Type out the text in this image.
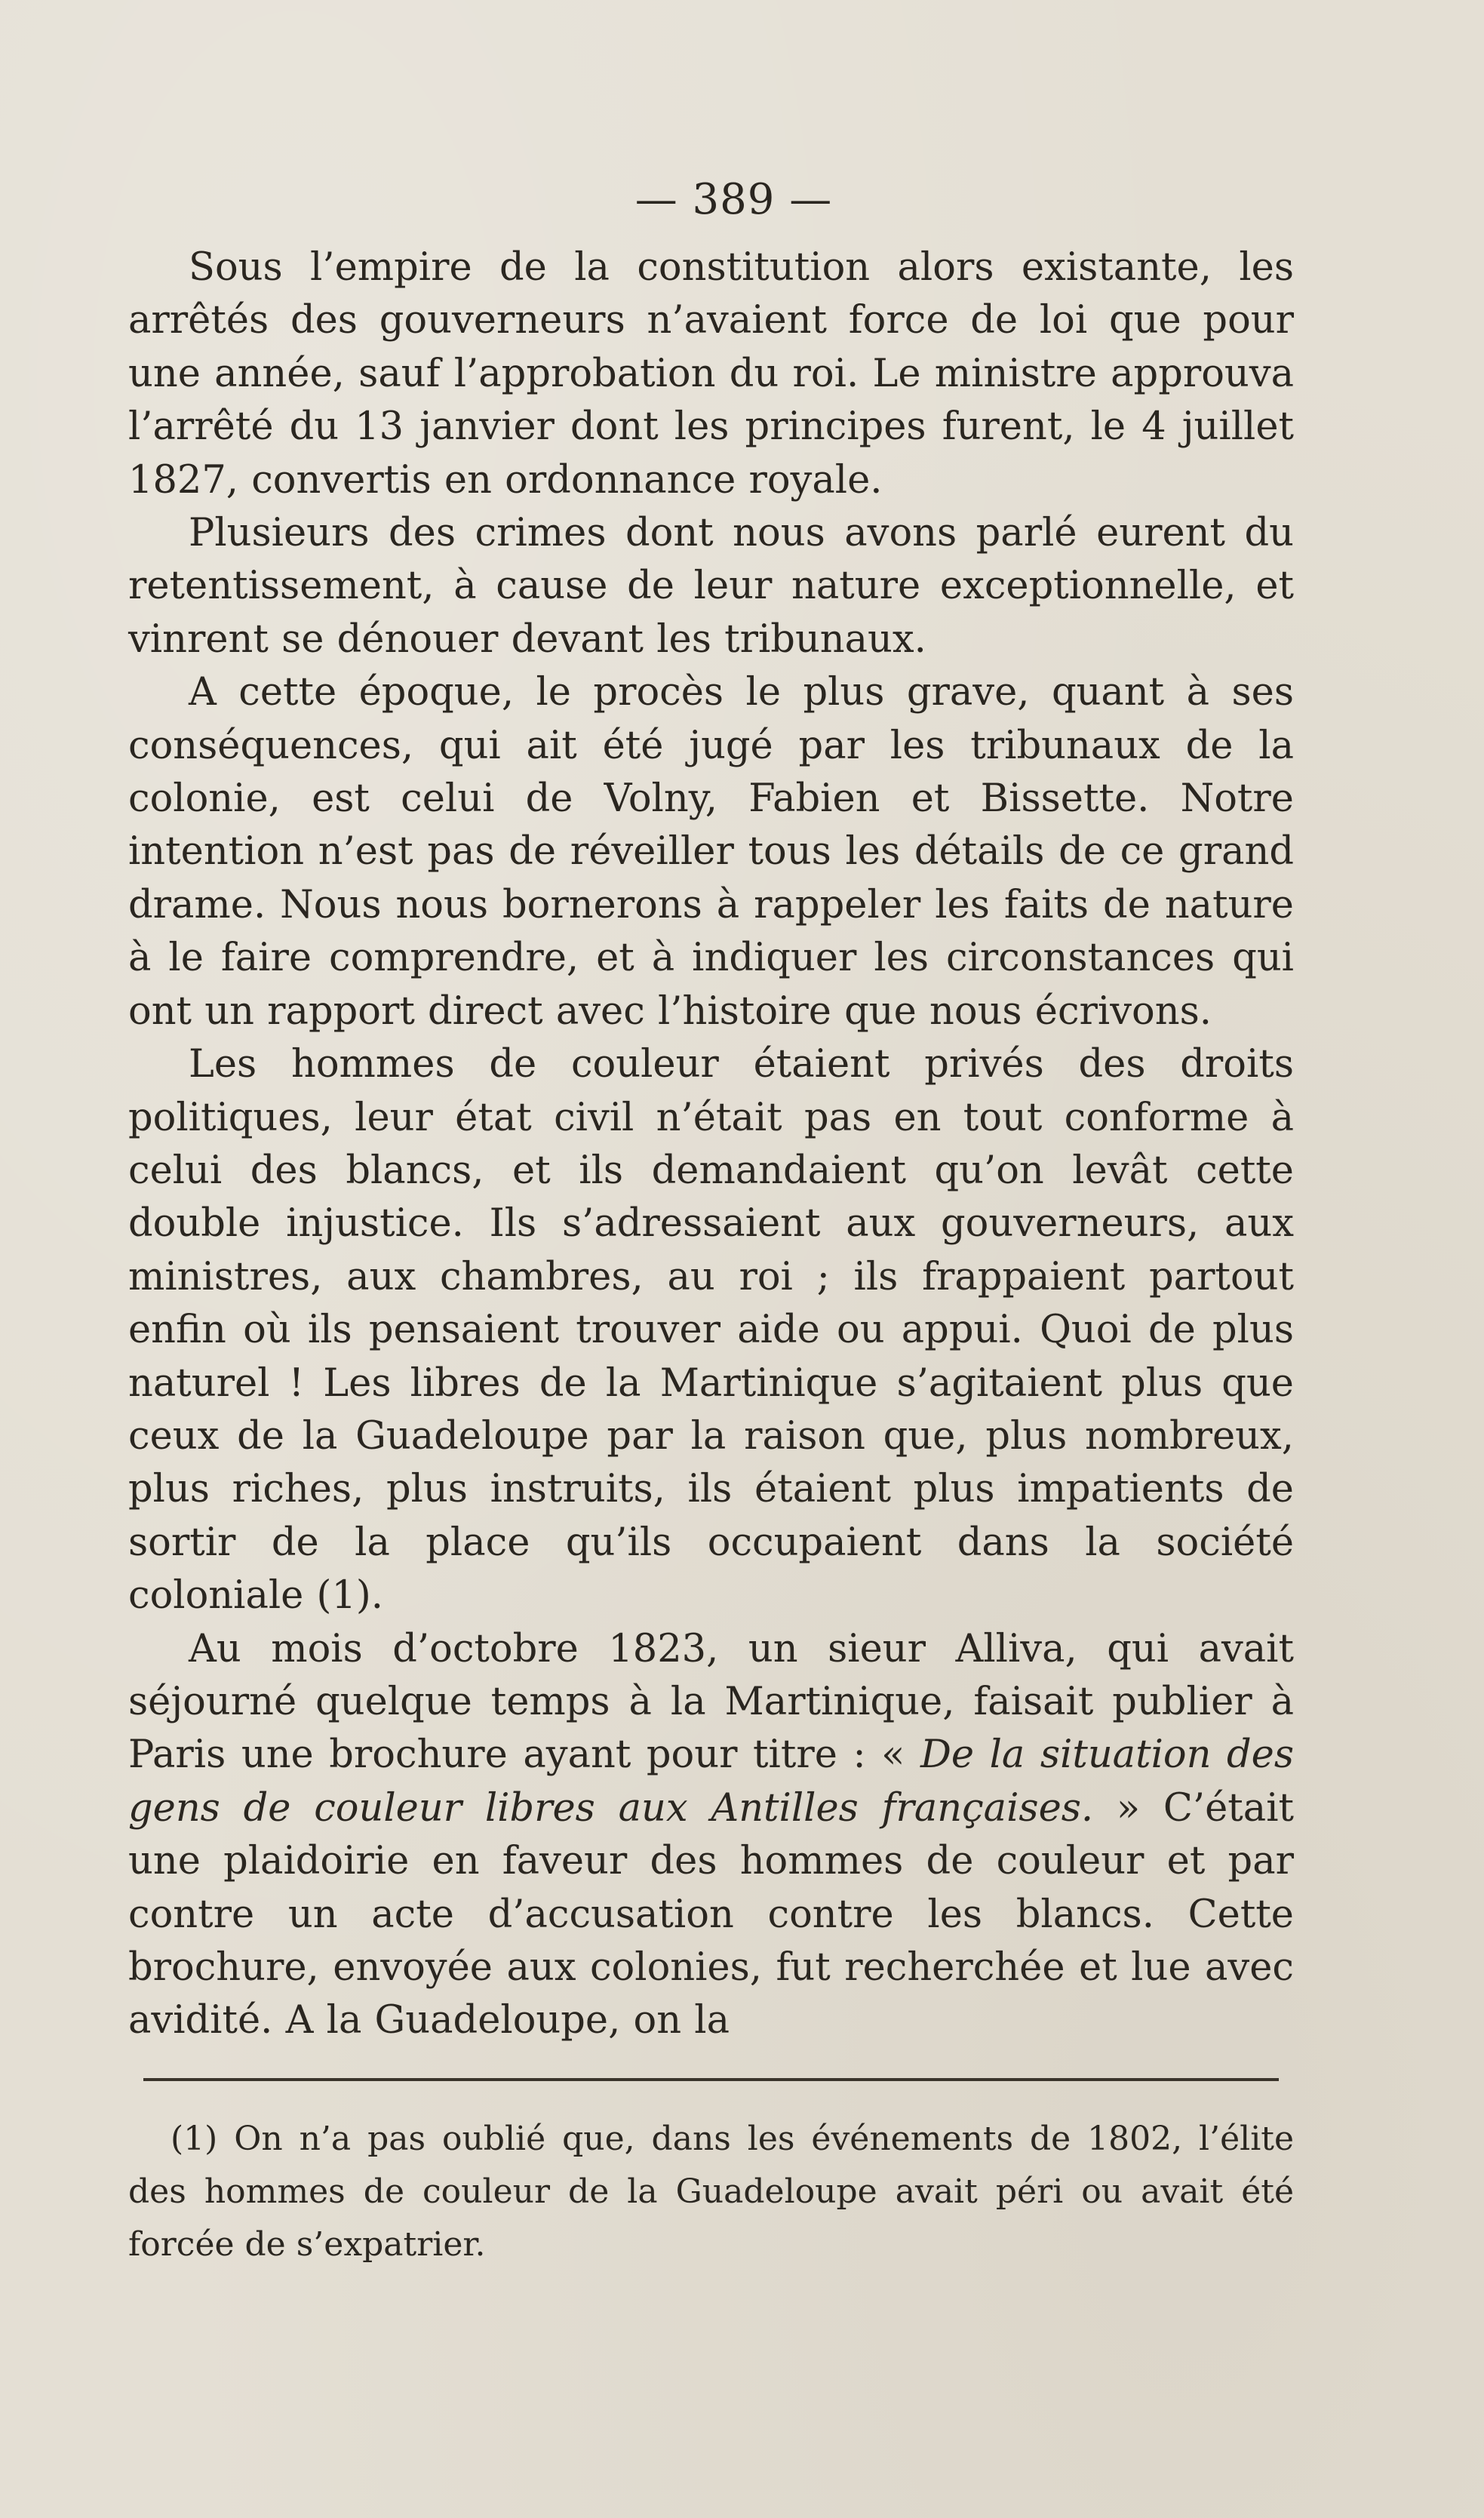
— 389 —

Sous l’empire de la constitution alors existante, les arrêtés des gouverneurs n’avaient force de loi que pour une année, sauf l’approbation du roi. Le ministre approuva l’arrêté du 13 janvier dont les principes furent, le 4 juillet 1827, convertis en ordonnance royale.

Plusieurs des crimes dont nous avons parlé eurent du retentissement, à cause de leur nature exceptionnelle, et vinrent se dénouer devant les tribunaux.

A cette époque, le procès le plus grave, quant à ses conséquences, qui ait été jugé par les tribunaux de la colonie, est celui de Volny, Fabien et Bissette. Notre intention n’est pas de réveiller tous les détails de ce grand drame. Nous nous bornerons à rappeler les faits de nature à le faire comprendre, et à indiquer les circonstances qui ont un rapport direct avec l’histoire que nous écrivons.

Les hommes de couleur étaient privés des droits politiques, leur état civil n’était pas en tout conforme à celui des blancs, et ils demandaient qu’on levât cette double injustice. Ils s’adressaient aux gouverneurs, aux ministres, aux chambres, au roi ; ils frappaient partout enfin où ils pensaient trouver aide ou appui. Quoi de plus naturel ! Les libres de la Martinique s’agitaient plus que ceux de la Guadeloupe par la raison que, plus nombreux, plus riches, plus instruits, ils étaient plus impatients de sortir de la place qu’ils occupaient dans la société coloniale (1).

Au mois d’octobre 1823, un sieur Alliva, qui avait séjourné quelque temps à la Martinique, faisait publier à Paris une brochure ayant pour titre : « De la situation des gens de couleur libres aux Antilles françaises. » C’était une plaidoirie en faveur des hommes de couleur et par contre un acte d’accusation contre les blancs. Cette brochure, envoyée aux colonies, fut recherchée et lue avec avidité. A la Guadeloupe, on la

(1) On n’a pas oublié que, dans les événements de 1802, l’élite des hommes de couleur de la Guadeloupe avait péri ou avait été forcée de s’expatrier.
